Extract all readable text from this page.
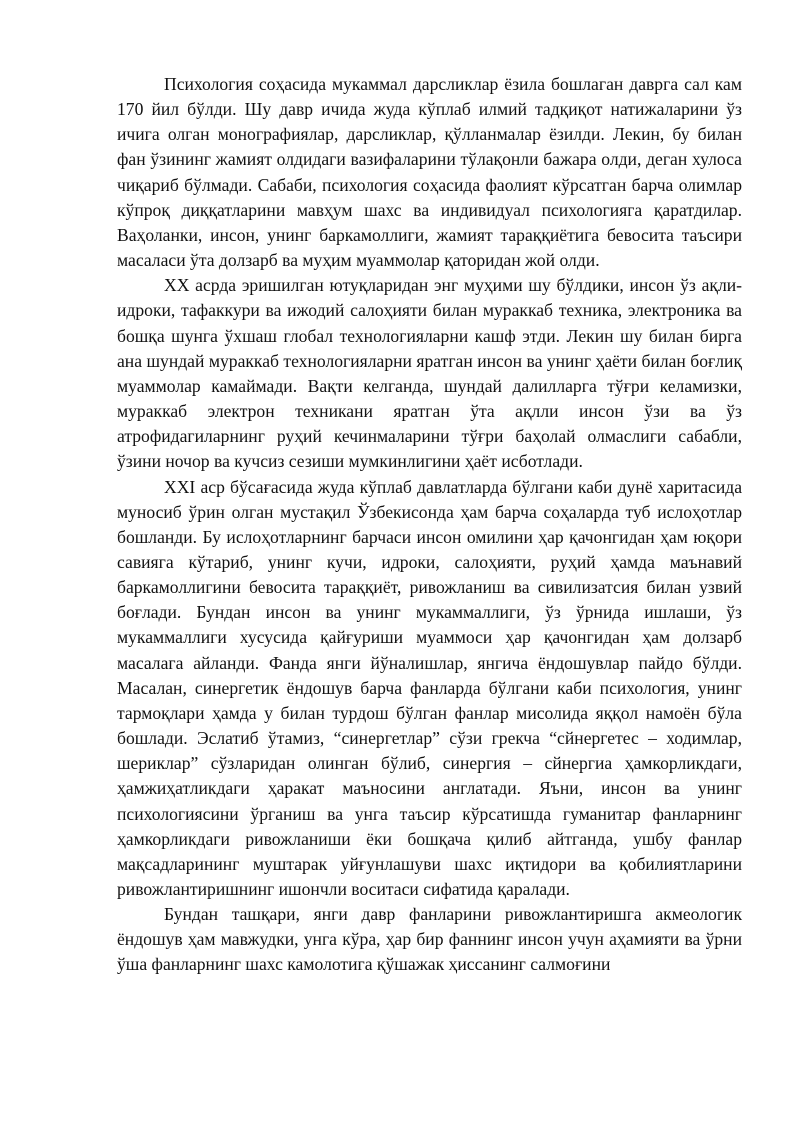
Психология соҳасида мукаммал дарсликлар ёзила бошлаган даврга сал кам 170 йил бўлди. Шу давр ичида жуда кўплаб илмий тадқиқот натижаларини ўз ичига олган монографиялар, дарсликлар, қўлланмалар ёзилди. Лекин, бу билан фан ўзининг жамият олдидаги вазифаларини тўлақонли бажара олди, деган хулоса чиқариб бўлмади. Сабаби, психология соҳасида фаолият кўрсатган барча олимлар кўпроқ диққатларини мавҳум шахс ва индивидуал психологияга қаратдилар. Ваҳоланки, инсон, унинг баркамоллиги, жамият тараққиётига бевосита таъсири масаласи ўта долзарб ва муҳим муаммолар қаторидан жой олди.

XX асрда эришилган ютуқларидан энг муҳими шу бўлдики, инсон ўз ақли-идроки, тафаккури ва ижодий салоҳияти билан мураккаб техника, электроника ва бошқа шунга ўхшаш глобал технологияларни кашф этди. Лекин шу билан бирга ана шундай мураккаб технологияларни яратган инсон ва унинг ҳаёти билан боғлиқ муаммолар камаймади. Вақти келганда, шундай далилларга тўғри келамизки, мураккаб электрон техникани яратган ўта ақлли инсон ўзи ва ўз атрофидагиларнинг руҳий кечинмаларини тўғри баҳолай олмаслиги сабабли, ўзини ночор ва кучсиз сезиши мумкинлигини ҳаёт исботлади.

XXI аср бўсағасида жуда кўплаб давлатларда бўлгани каби дунё харитасида муносиб ўрин олган мустақил Ўзбекисонда ҳам барча соҳаларда туб ислоҳотлар бошланди. Бу ислоҳотларнинг барчаси инсон омилини ҳар қачонгидан ҳам юқори савияга кўтариб, унинг кучи, идроки, салоҳияти, руҳий ҳамда маънавий баркамоллигини бевосита тараққиёт, ривожланиш ва сивилизатсия билан узвий боғлади. Бундан инсон ва унинг мукаммаллиги, ўз ўрнида ишлаши, ўз мукаммаллиги хусусида қайғуриши муаммоси ҳар қачонгидан ҳам долзарб масалага айланди. Фанда янги йўналишлар, янгича ёндошувлар пайдо бўлди. Масалан, синергетик ёндошув барча фанларда бўлгани каби психология, унинг тармоқлари ҳамда у билан турдош бўлган фанлар мисолида яққол намоён бўла бошлади. Эслатиб ўтамиз, “синергетлар” сўзи грекча “сйнергетес – ходимлар, шериклар” сўзларидан олинган бўлиб, синергия – сйнергиа ҳамкорликдаги, ҳамжиҳатликдаги ҳаракат маъносини англатади. Яъни, инсон ва унинг психологиясини ўрганиш ва унга таъсир кўрсатишда гуманитар фанларнинг ҳамкорликдаги ривожланиши ёки бошқача қилиб айтганда, ушбу фанлар мақсадларининг муштарак уйғунлашуви шахс иқтидори ва қобилиятларини ривожлантиришнинг ишончли воситаси сифатида қаралади.

Бундан ташқари, янги давр фанларини ривожлантиришга акмеологик ёндошув ҳам мавжудки, унга кўра, ҳар бир фаннинг инсон учун аҳамияти ва ўрни ўша фанларнинг шахс камолотига қўшажак ҳиссанинг салмоғини
